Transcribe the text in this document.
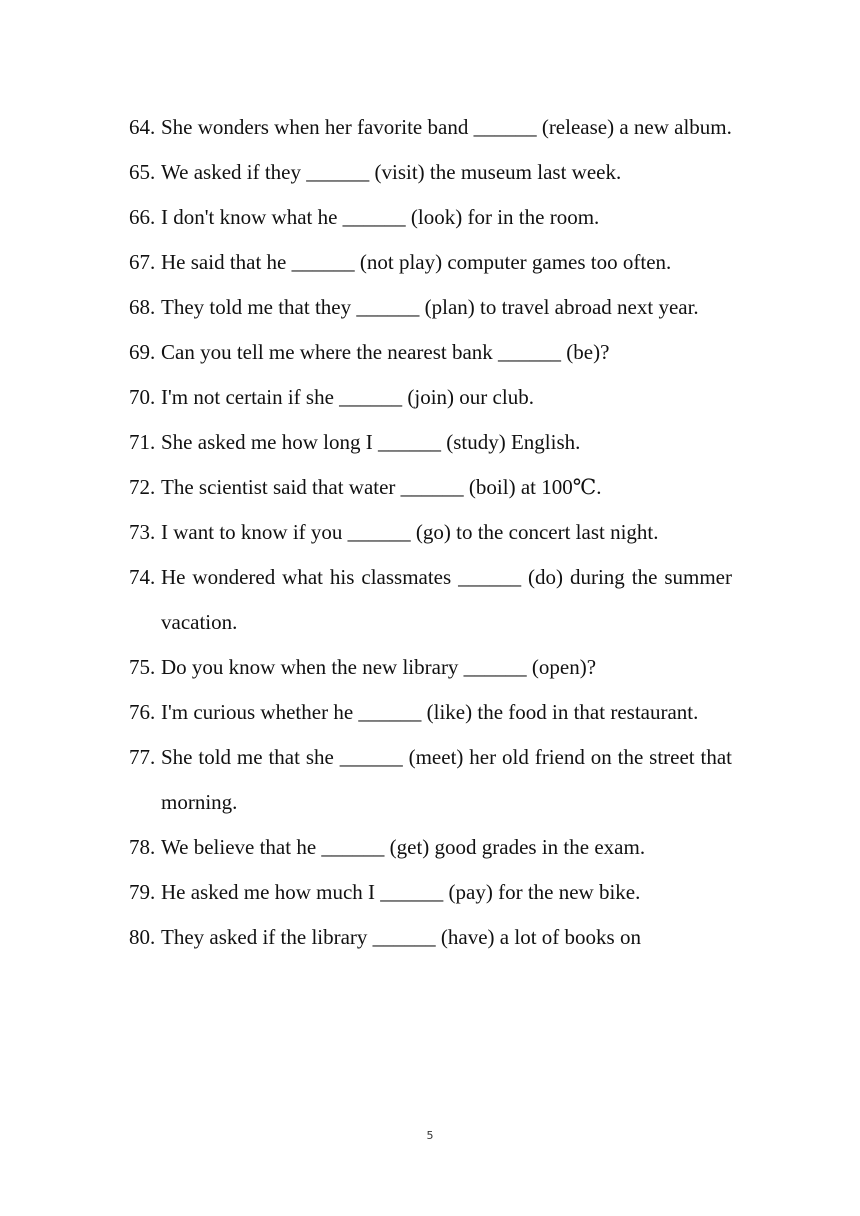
64. She wonders when her favorite band ______ (release) a new album.
65. We asked if they ______ (visit) the museum last week.
66. I don't know what he ______ (look) for in the room.
67. He said that he ______ (not play) computer games too often.
68. They told me that they ______ (plan) to travel abroad next year.
69. Can you tell me where the nearest bank ______ (be)?
70. I'm not certain if she ______ (join) our club.
71. She asked me how long I ______ (study) English.
72. The scientist said that water ______ (boil) at 100℃.
73. I want to know if you ______ (go) to the concert last night.
74. He wondered what his classmates ______ (do) during the summer vacation.
75. Do you know when the new library ______ (open)?
76. I'm curious whether he ______ (like) the food in that restaurant.
77. She told me that she ______ (meet) her old friend on the street that morning.
78. We believe that he ______ (get) good grades in the exam.
79. He asked me how much I ______ (pay) for the new bike.
80. They asked if the library ______ (have) a lot of books on
5
